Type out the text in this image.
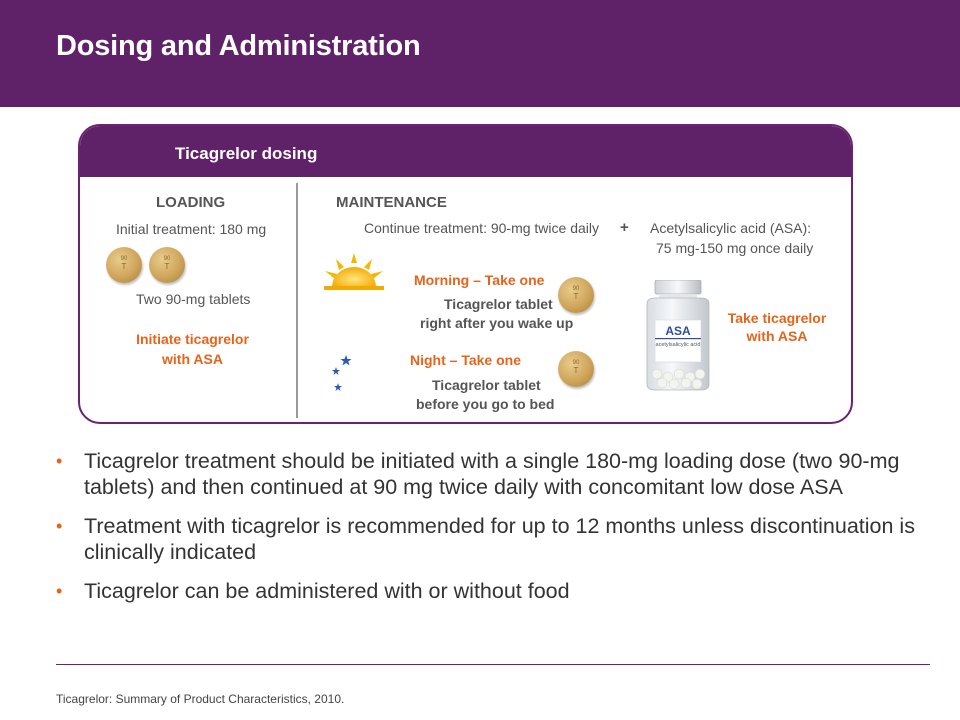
Dosing and Administration
Ticagrelor dosing
LOADING
Initial treatment: 180 mg
90
T
90
T
Two 90-mg tablets
Initiate ticagrelor
with ASA
MAINTENANCE
Continue treatment: 90-mg twice daily + Acetylsalicylic acid (ASA):
75 mg-150 mg once daily
Morning – Take one
Ticagrelor tablet
right after you wake up
90
T
Night – Take one
Ticagrelor tablet
before you go to bed
90
T
ASA
acetylsalicylic acid
Take ticagrelor
with ASA
• Ticagrelor treatment should be initiated with a single 180-mg loading dose (two 90-mg tablets) and then continued at 90 mg twice daily with concomitant low dose ASA
• Treatment with ticagrelor is recommended for up to 12 months unless discontinuation is clinically indicated
• Ticagrelor can be administered with or without food
Ticagrelor: Summary of Product Characteristics, 2010.
